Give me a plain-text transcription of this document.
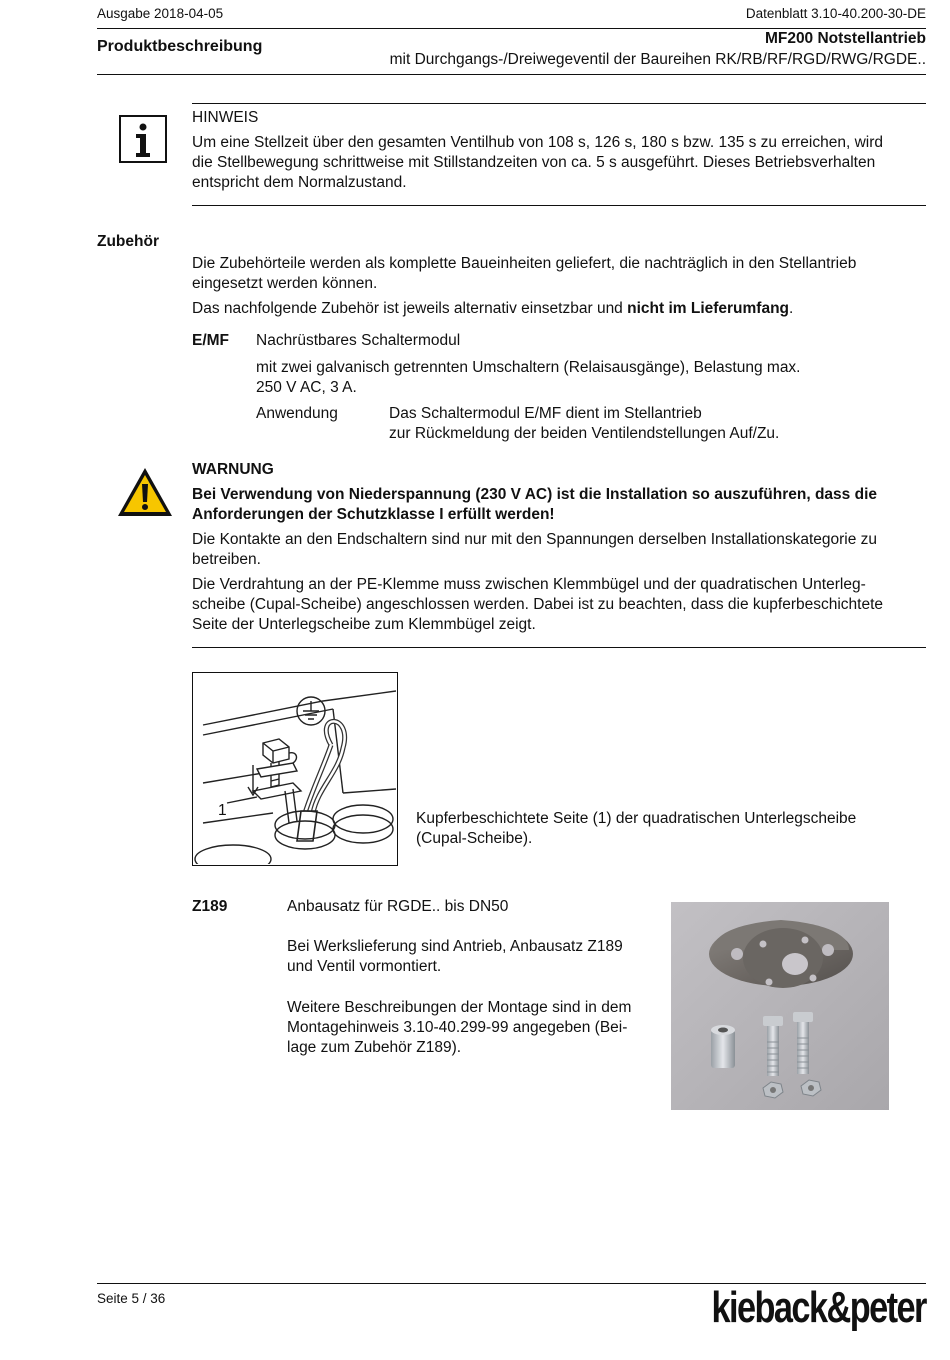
Ausgabe 2018-04-05	Datenblatt 3.10-40.200-30-DE
Produktbeschreibung	MF200 Notstellantrieb
mit Durchgangs-/Dreiwegeventil der Baureihen RK/RB/RF/RGD/RWG/RGDE..
HINWEIS

Um eine Stellzeit über den gesamten Ventilhub von 108 s, 126 s, 180 s bzw. 135 s zu erreichen, wird

die Stellbewegung schrittweise mit Stillstandzeiten von ca. 5 s ausgeführt. Dieses Betriebsverhalten

entspricht dem Normalzustand.

Zubehör

Die Zubehörteile werden als komplette Baueinheiten geliefert, die nachträglich in den Stellantrieb

eingesetzt werden können.

Das nachfolgende Zubehör ist jeweils alternativ einsetzbar und nicht im Lieferumfang.
E/MF Nachrüstbares Schaltermodul

mit zwei galvanisch getrennten Umschaltern (Relaisausgänge), Belastung max.

250 V AC, 3 A.

Anwendung	Das Schaltermodul E/MF dient im Stellantrieb

zur Rückmeldung der beiden Ventilendstellungen Auf/Zu.

WARNUNG

Bei Verwendung von Niederspannung (230 V AC) ist die Installation so auszuführen, dass die

Anforderungen der Schutzklasse I erfüllt werden!

Die Kontakte an den Endschaltern sind nur mit den Spannungen derselben Installationskategorie zu

betreiben.

Die Verdrahtung an der PE-Klemme muss zwischen Klemmbügel und der quadratischen Unterleg-

scheibe (Cupal-Scheibe) angeschlossen werden. Dabei ist zu beachten, dass die kupferbeschichtete

Seite der Unterlegscheibe zum Klemmbügel zeigt.

1	Kupferbeschichtete Seite (1) der quadratischen Unterlegscheibe

(Cupal-Scheibe).

Z189	Anbausatz für RGDE.. bis DN50

Bei Werkslieferung sind Antrieb, Anbausatz Z189

und Ventil vormontiert.

Weitere Beschreibungen der Montage sind in dem

Montagehinweis 3.10-40.299-99 angegeben (Bei-

lage zum Zubehör Z189).

Seite 5 / 36	kieback&peter
